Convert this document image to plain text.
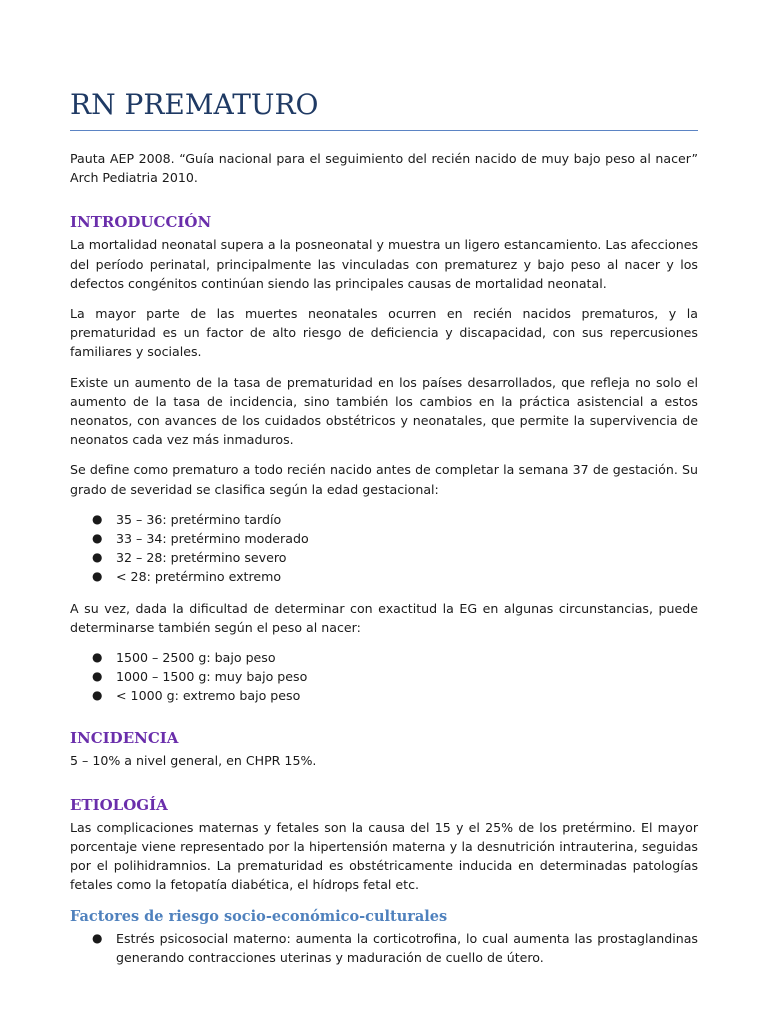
RN PREMATURO

Pauta AEP 2008. “Guía nacional para el seguimiento del recién nacido de muy bajo peso al nacer” Arch Pediatria 2010.

INTRODUCCIÓN

La mortalidad neonatal supera a la posneonatal y muestra un ligero estancamiento. Las afecciones del período perinatal, principalmente las vinculadas con prematurez y bajo peso al nacer y los defectos congénitos continúan siendo las principales causas de mortalidad neonatal.

La mayor parte de las muertes neonatales ocurren en recién nacidos prematuros, y la prematuridad es un factor de alto riesgo de deficiencia y discapacidad, con sus repercusiones familiares y sociales.

Existe un aumento de la tasa de prematuridad en los países desarrollados, que refleja no solo el aumento de la tasa de incidencia, sino también los cambios en la práctica asistencial a estos neonatos, con avances de los cuidados obstétricos y neonatales, que permite la supervivencia de neonatos cada vez más inmaduros.

Se define como prematuro a todo recién nacido antes de completar la semana 37 de gestación. Su grado de severidad se clasifica según la edad gestacional:

● 35 – 36: pretérmino tardío
● 33 – 34: pretérmino moderado
● 32 – 28: pretérmino severo
● < 28: pretérmino extremo

A su vez, dada la dificultad de determinar con exactitud la EG en algunas circunstancias, puede determinarse también según el peso al nacer:

● 1500 – 2500 g: bajo peso
● 1000 – 1500 g: muy bajo peso
● < 1000 g: extremo bajo peso
INCIDENCIA

5 – 10% a nivel general, en CHPR 15%.

ETIOLOGÍA

Las complicaciones maternas y fetales son la causa del 15 y el 25% de los pretérmino. El mayor porcentaje viene representado por la hipertensión materna y la desnutrición intrauterina, seguidas por el polihidramnios. La prematuridad es obstétricamente inducida en determinadas patologías fetales como la fetopatía diabética, el hídrops fetal etc.

Factores de riesgo socio-económico-culturales
● Estrés psicosocial materno: aumenta la corticotrofina, lo cual aumenta las prostaglandinas generando contracciones uterinas y maduración de cuello de útero.
